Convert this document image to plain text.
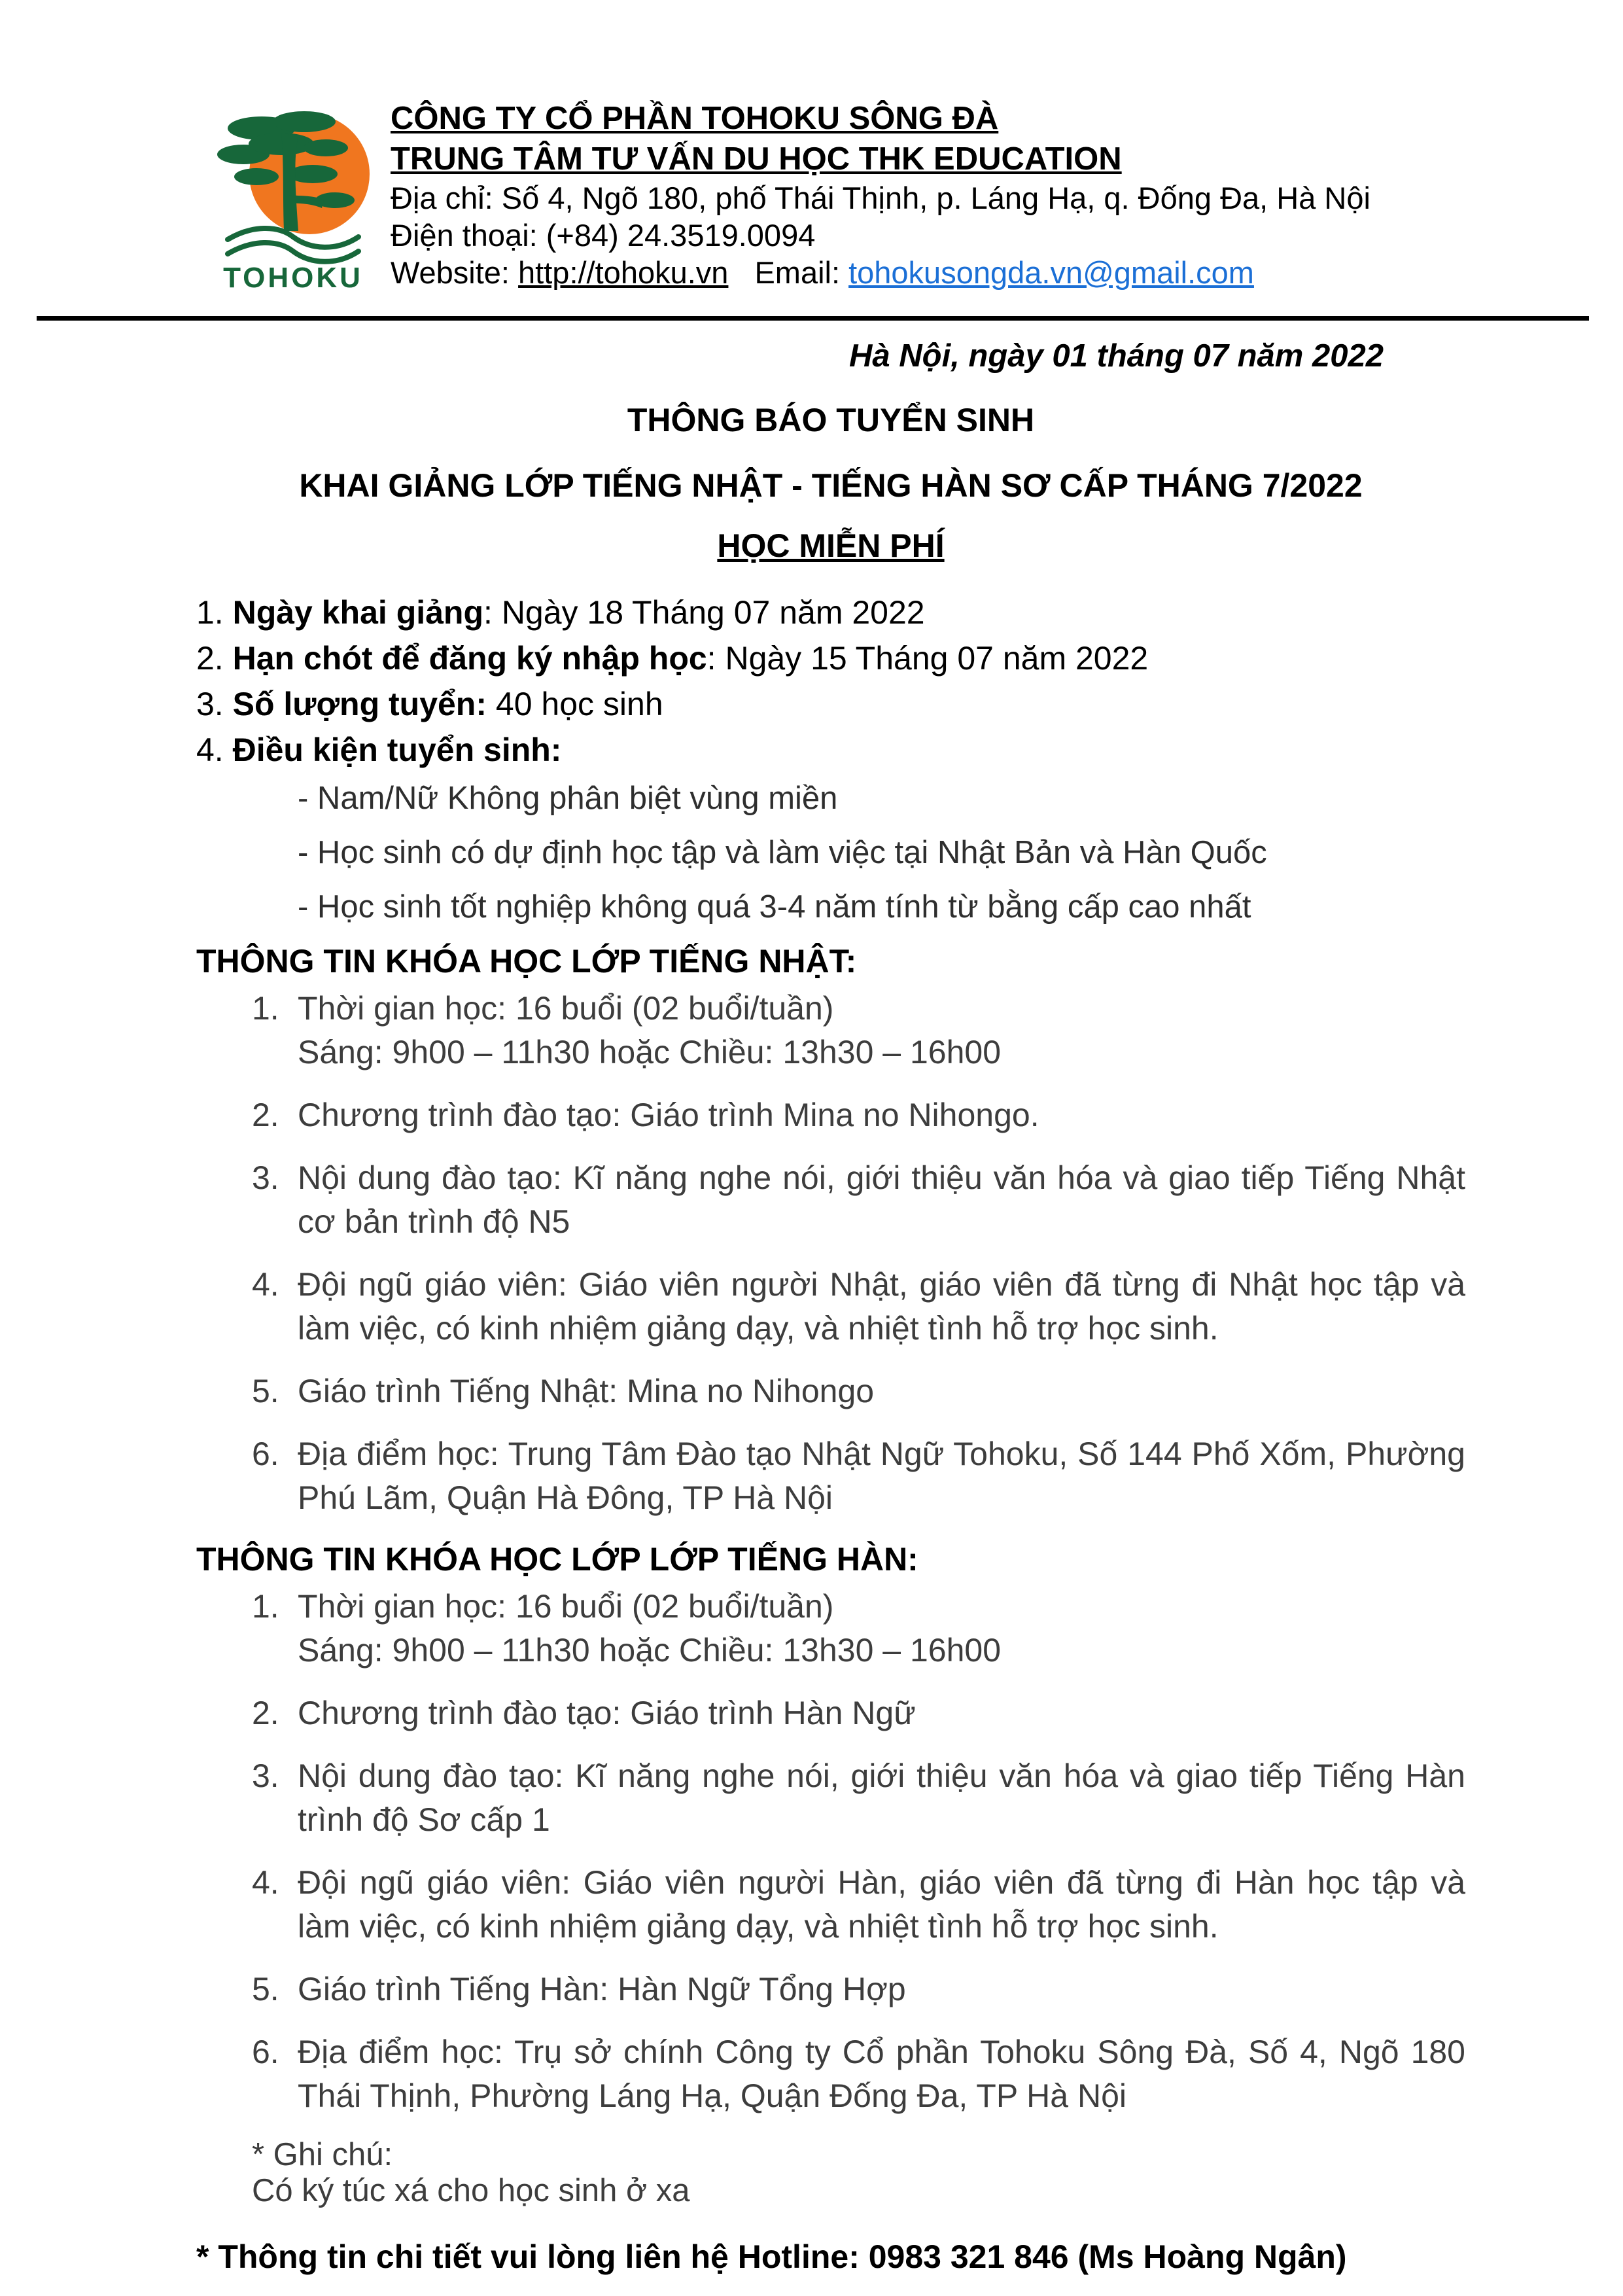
TOHOKU
CÔNG TY CỔ PHẦN TOHOKU SÔNG ĐÀ
TRUNG TÂM TƯ VẤN DU HỌC THK EDUCATION
Địa chỉ: Số 4, Ngõ 180, phố Thái Thịnh, p. Láng Hạ, q. Đống Đa, Hà Nội
Điện thoại: (+84) 24.3519.0094
Website: http://tohoku.vn Email: tohokusongda.vn@gmail.com
Hà Nội, ngày 01 tháng 07 năm 2022
THÔNG BÁO TUYỂN SINH
KHAI GIẢNG LỚP TIẾNG NHẬT - TIẾNG HÀN SƠ CẤP THÁNG 7/2022
HỌC MIỄN PHÍ
1. Ngày khai giảng: Ngày 18 Tháng 07 năm 2022
2. Hạn chót để đăng ký nhập học: Ngày 15 Tháng 07 năm 2022
3. Số lượng tuyển: 40 học sinh
4. Điều kiện tuyển sinh:
- Nam/Nữ Không phân biệt vùng miền
- Học sinh có dự định học tập và làm việc tại Nhật Bản và Hàn Quốc
- Học sinh tốt nghiệp không quá 3-4 năm tính từ bằng cấp cao nhất
THÔNG TIN KHÓA HỌC LỚP TIẾNG NHẬT:
1. Thời gian học: 16 buổi (02 buổi/tuần)
Sáng: 9h00 – 11h30 hoặc Chiều: 13h30 – 16h00
2. Chương trình đào tạo: Giáo trình Mina no Nihongo.
3. Nội dung đào tạo: Kĩ năng nghe nói, giới thiệu văn hóa và giao tiếp Tiếng Nhật cơ bản trình độ N5
4. Đội ngũ giáo viên: Giáo viên người Nhật, giáo viên đã từng đi Nhật học tập và làm việc, có kinh nhiệm giảng dạy, và nhiệt tình hỗ trợ học sinh.
5. Giáo trình Tiếng Nhật: Mina no Nihongo
6. Địa điểm học: Trung Tâm Đào tạo Nhật Ngữ Tohoku, Số 144 Phố Xốm, Phường Phú Lãm, Quận Hà Đông, TP Hà Nội
THÔNG TIN KHÓA HỌC LỚP LỚP TIẾNG HÀN:
1. Thời gian học: 16 buổi (02 buổi/tuần)
Sáng: 9h00 – 11h30 hoặc Chiều: 13h30 – 16h00
2. Chương trình đào tạo: Giáo trình Hàn Ngữ
3. Nội dung đào tạo: Kĩ năng nghe nói, giới thiệu văn hóa và giao tiếp Tiếng Hàn trình độ Sơ cấp 1
4. Đội ngũ giáo viên: Giáo viên người Hàn, giáo viên đã từng đi Hàn học tập và làm việc, có kinh nhiệm giảng dạy, và nhiệt tình hỗ trợ học sinh.
5. Giáo trình Tiếng Hàn: Hàn Ngữ Tổng Hợp
6. Địa điểm học: Trụ sở chính Công ty Cổ phần Tohoku Sông Đà, Số 4, Ngõ 180 Thái Thịnh, Phường Láng Hạ, Quận Đống Đa, TP Hà Nội
* Ghi chú:
Có ký túc xá cho học sinh ở xa
* Thông tin chi tiết vui lòng liên hệ Hotline: 0983 321 846 (Ms Hoàng Ngân)
